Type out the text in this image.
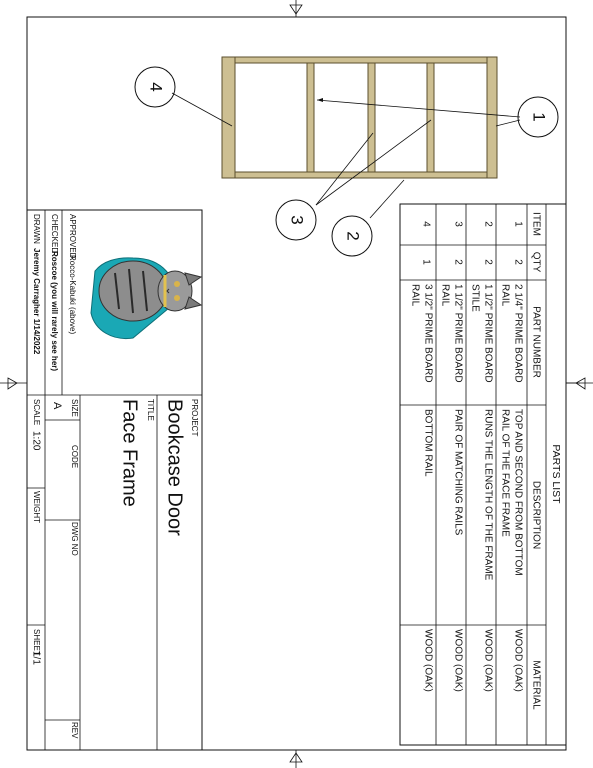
1
2
3
4
PARTS LIST
ITEM
QTY
PART NUMBER
DESCRIPTION
MATERIAL
1
2
2 1/4" PRIME BOARD
RAIL
TOP AND SECOND FROM BOTTOM
RAIL OF THE FACE FRAME
WOOD (OAK)
2
2
1 1/2" PRIME BOARD
STILE
RUNS THE LENGTH OF THE FRAME
WOOD (OAK)
3
2
1 1/2" PRIME BOARD
RAIL
PAIR OF MATCHING RAILS
WOOD (OAK)
4
1
3 1/2" PRIME BOARD
RAIL
BOTTOM RAIL
WOOD (OAK)
PROJECT
Bookcase Door
TITLE
Face Frame
SIZE
A
CODE
DWG NO
REV
SCALE
1:20
WEIGHT
SHEET
1/1
APPROVED
Rocco-Kabuki (above)
CHECKED
Roscoe (you will rarely see her)
DRAWN
Jeremy Carragher 1/14/2022
